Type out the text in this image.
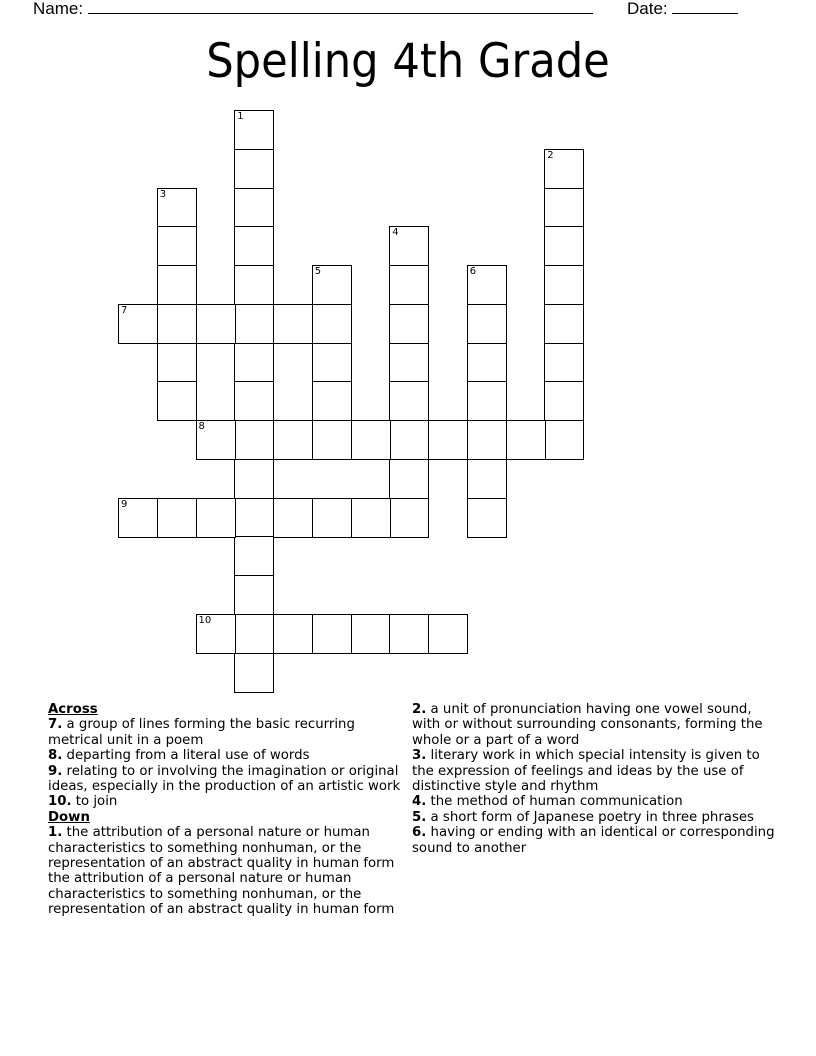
Name:	Date:
Spelling 4th Grade
1
2
3
4
5	6
7
8
9
10
Across
7. a group of lines forming the basic recurring metrical unit in a poem
8. departing from a literal use of words
9. relating to or involving the imagination or original ideas, especially in the production of an artistic work
10. to join
Down
1. the attribution of a personal nature or human characteristics to something nonhuman, or the representation of an abstract quality in human form the attribution of a personal nature or human characteristics to something nonhuman, or the representation of an abstract quality in human form
2. a unit of pronunciation having one vowel sound, with or without surrounding consonants, forming the whole or a part of a word
3. literary work in which special intensity is given to the expression of feelings and ideas by the use of distinctive style and rhythm
4. the method of human communication
5. a short form of Japanese poetry in three phrases
6. having or ending with an identical or corresponding sound to another
